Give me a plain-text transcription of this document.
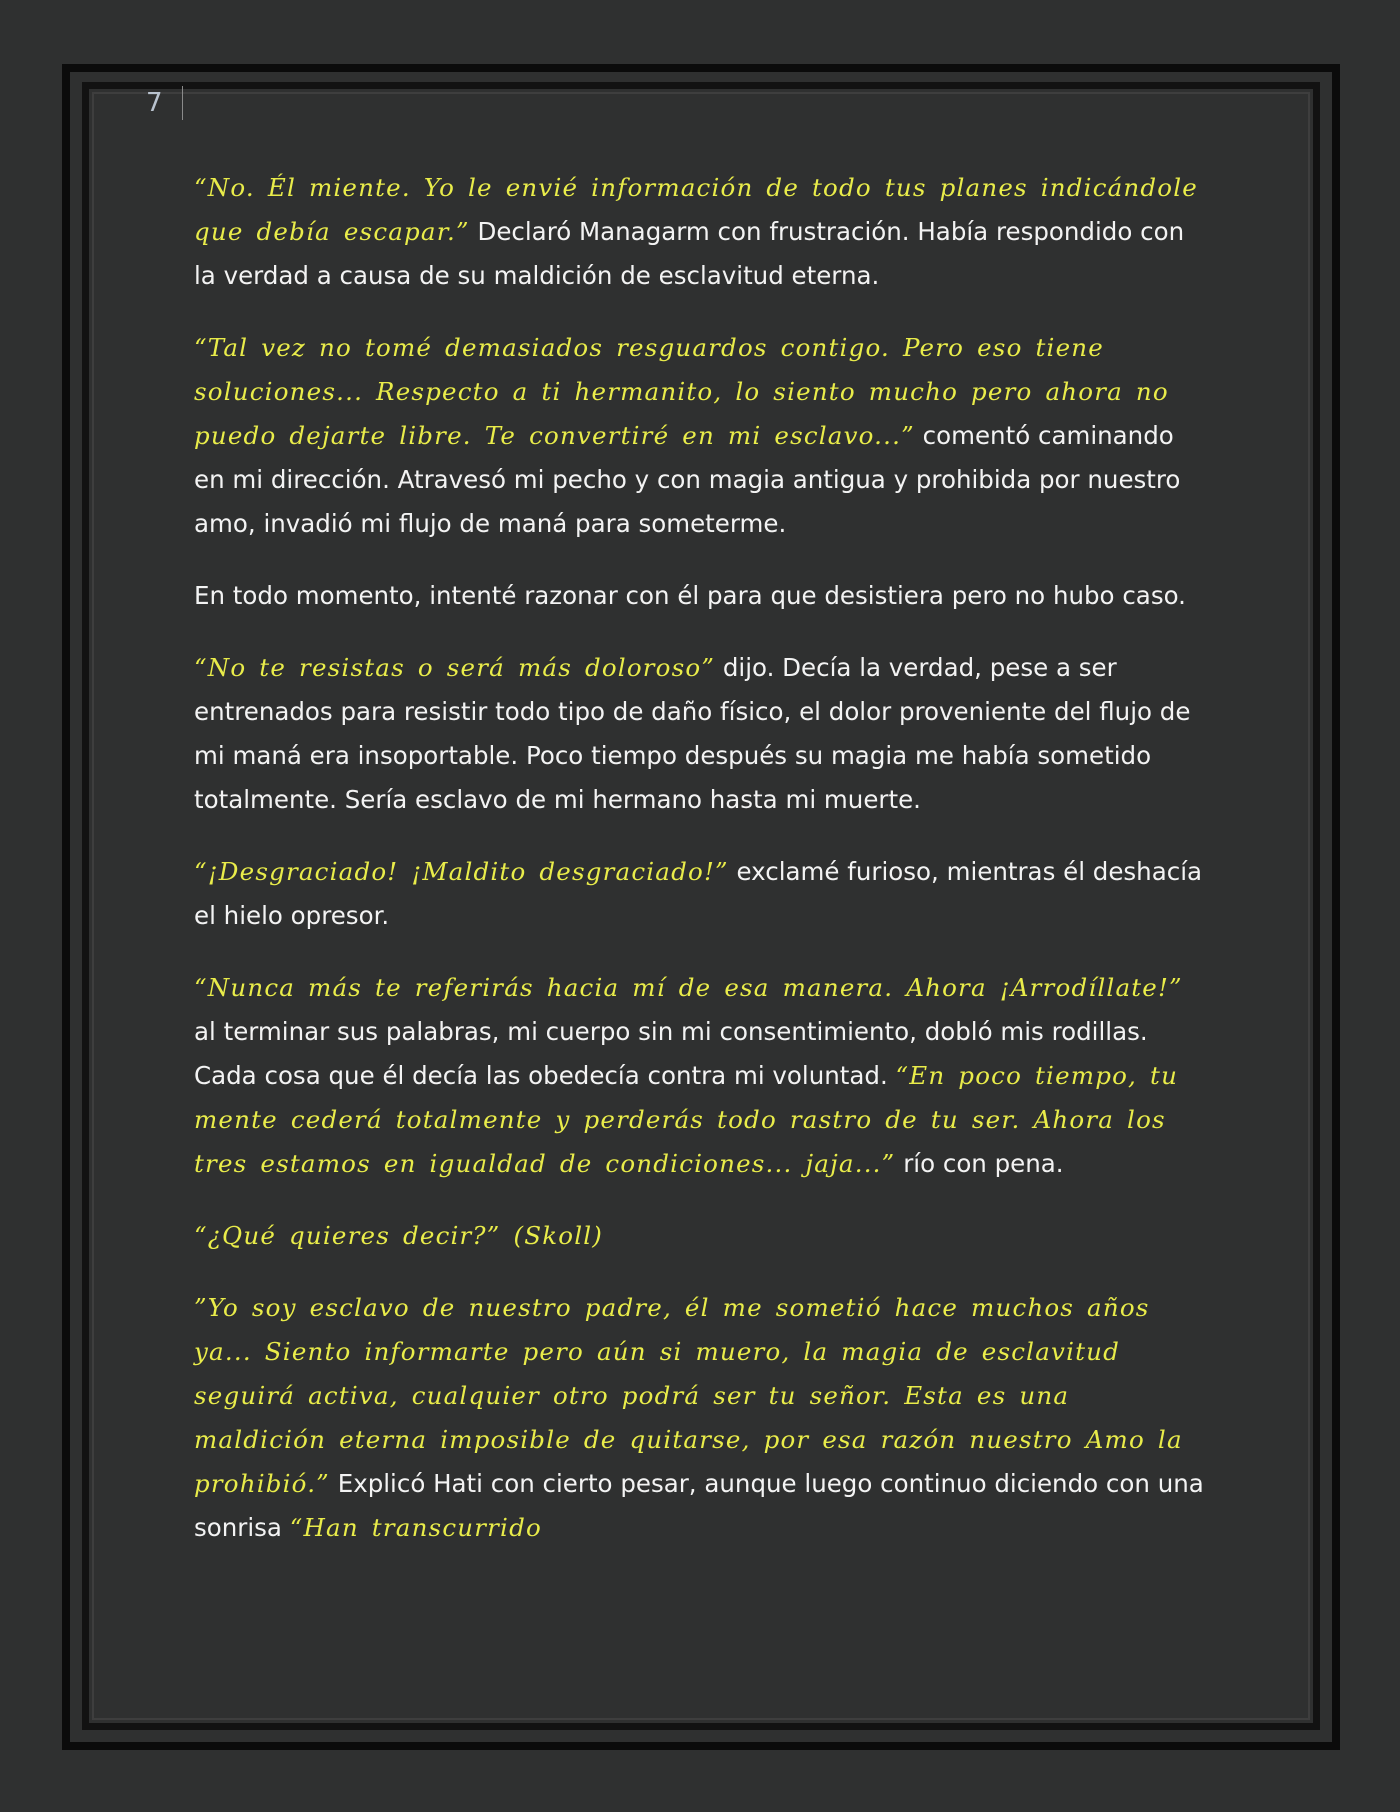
7

“No. Él miente. Yo le envié información de todo tus planes indicándole que debía escapar.” Declaró Managarm con frustración. Había respondido con la verdad a causa de su maldición de esclavitud eterna.

“Tal vez no tomé demasiados resguardos contigo. Pero eso tiene soluciones... Respecto a ti hermanito, lo siento mucho pero ahora no puedo dejarte libre. Te convertiré en mi esclavo...” comentó caminando en mi dirección. Atravesó mi pecho y con magia antigua y prohibida por nuestro amo, invadió mi flujo de maná para someterme.

En todo momento, intenté razonar con él para que desistiera pero no hubo caso.

“No te resistas o será más doloroso” dijo. Decía la verdad, pese a ser entrenados para resistir todo tipo de daño físico, el dolor proveniente del flujo de mi maná era insoportable. Poco tiempo después su magia me había sometido totalmente. Sería esclavo de mi hermano hasta mi muerte.

“¡Desgraciado! ¡Maldito desgraciado!” exclamé furioso, mientras él deshacía el hielo opresor.

“Nunca más te referirás hacia mí de esa manera. Ahora ¡Arrodíllate!” al terminar sus palabras, mi cuerpo sin mi consentimiento, dobló mis rodillas. Cada cosa que él decía las obedecía contra mi voluntad. “En poco tiempo, tu mente cederá totalmente y perderás todo rastro de tu ser. Ahora los tres estamos en igualdad de condiciones... jaja...” río con pena.

“¿Qué quieres decir?” (Skoll)

”Yo soy esclavo de nuestro padre, él me sometió hace muchos años ya... Siento informarte pero aún si muero, la magia de esclavitud seguirá activa, cualquier otro podrá ser tu señor. Esta es una maldición eterna imposible de quitarse, por esa razón nuestro Amo la prohibió.” Explicó Hati con cierto pesar, aunque luego continuo diciendo con una sonrisa “Han transcurrido
